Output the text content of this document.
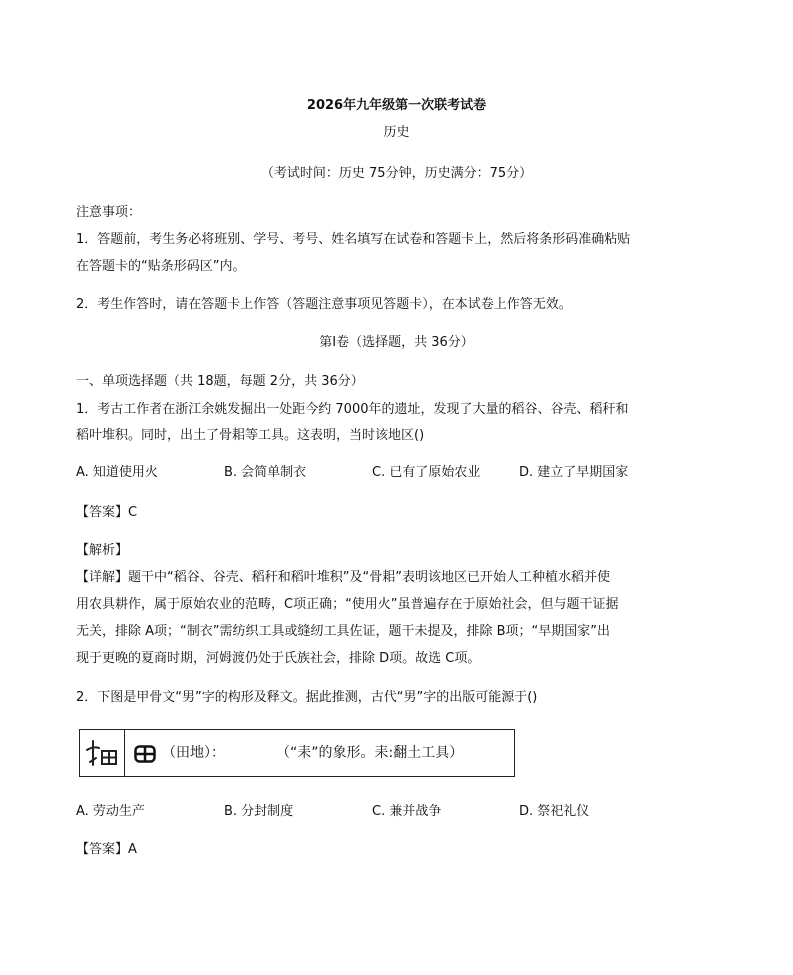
2026年九年级第一次联考试卷
历史
（考试时间：历史 75分钟，历史满分：75分）
注意事项：
1．答题前，考生务必将班别、学号、考号、姓名填写在试卷和答题卡上，然后将条形码准确粘贴
在答题卡的“贴条形码区”内。
2．考生作答时，请在答题卡上作答（答题注意事项见答题卡），在本试卷上作答无效。
第Ⅰ卷（选择题，共 36分）
一、单项选择题（共 18题，每题 2分，共 36分）
1．考古工作者在浙江余姚发掘出一处距今约 7000年的遗址，发现了大量的稻谷、谷壳、稻秆和
稻叶堆积。同时，出土了骨耜等工具。这表明，当时该地区()
A. 知道使用火	B. 会简单制衣	C. 已有了原始农业	D. 建立了早期国家
【答案】C
【解析】
【详解】题干中“稻谷、谷壳、稻秆和稻叶堆积”及“骨耜”表明该地区已开始人工种植水稻并使
用农具耕作，属于原始农业的范畴，C项正确；“使用火”虽普遍存在于原始社会，但与题干证据
无关，排除 A项；“制衣”需纺织工具或缝纫工具佐证，题干未提及，排除 B项；“早期国家”出
现于更晚的夏商时期，河姆渡仍处于氏族社会，排除 D项。故选 C项。
2．下图是甲骨文“男”字的构形及释文。据此推测，古代“男”字的出版可能源于()
（田地）：	（“耒”的象形。耒:翻土工具）
A. 劳动生产	B. 分封制度	C. 兼并战争	D. 祭祀礼仪
【答案】A
